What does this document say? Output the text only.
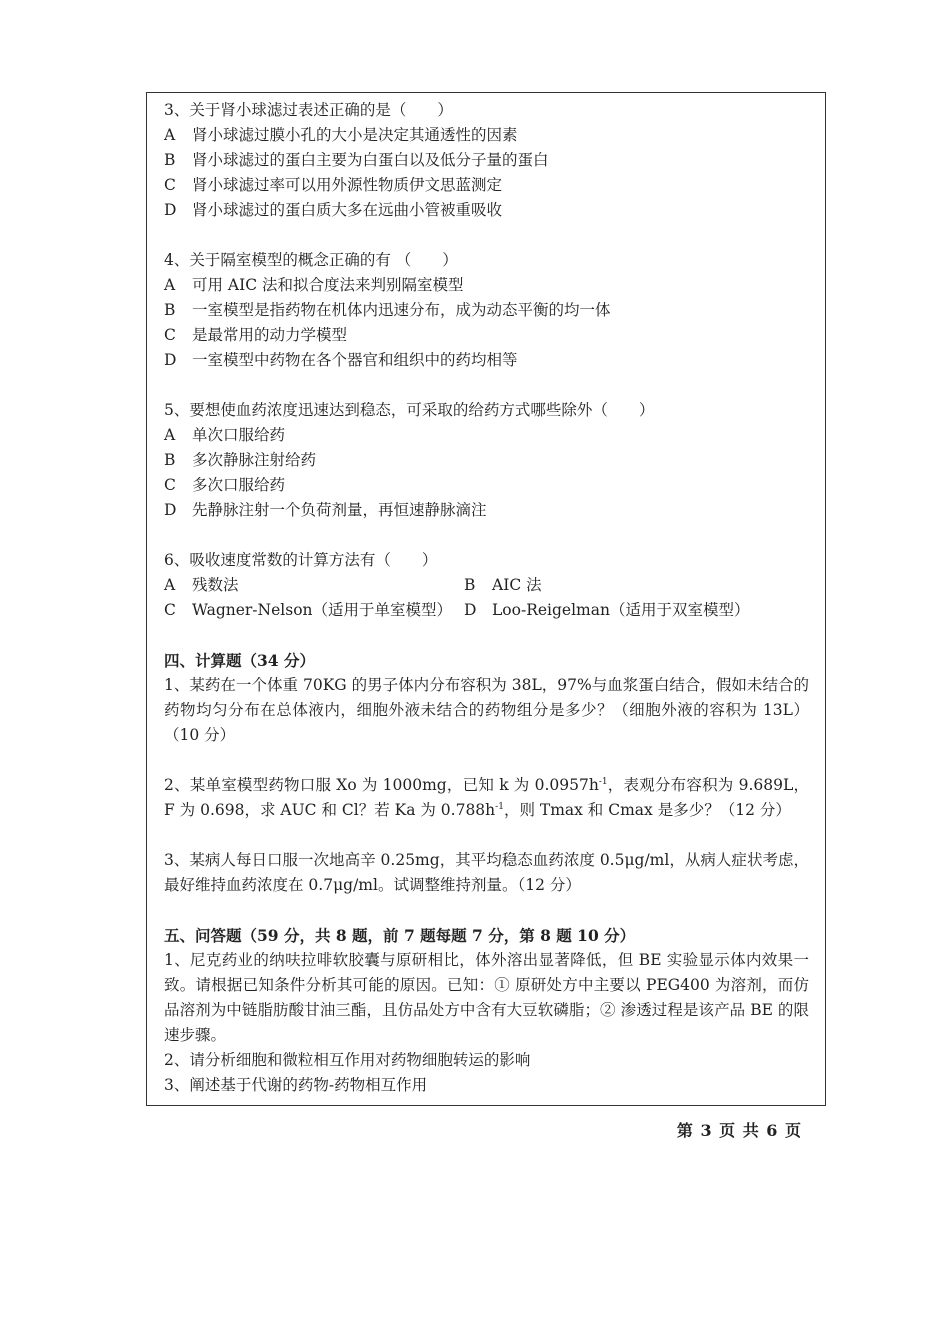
3、关于肾小球滤过表述正确的是（　　）
A	肾小球滤过膜小孔的大小是决定其通透性的因素
B	肾小球滤过的蛋白主要为白蛋白以及低分子量的蛋白
C	肾小球滤过率可以用外源性物质伊文思蓝测定
D	肾小球滤过的蛋白质大多在远曲小管被重吸收
4、关于隔室模型的概念正确的有 （　　）
A	可用 AIC 法和拟合度法来判别隔室模型
B	一室模型是指药物在机体内迅速分布，成为动态平衡的均一体
C	是最常用的动力学模型
D	一室模型中药物在各个器官和组织中的药均相等
5、要想使血药浓度迅速达到稳态，可采取的给药方式哪些除外（　　）
A	单次口服给药
B	多次静脉注射给药
C	多次口服给药
D	先静脉注射一个负荷剂量，再恒速静脉滴注
6、吸收速度常数的计算方法有（　　）
A	残数法	B	AIC 法
C	Wagner-Nelson（适用于单室模型） D	Loo-Reigelman（适用于双室模型）
四、计算题（34 分）
1、某药在一个体重 70KG 的男子体内分布容积为 38L，97%与血浆蛋白结合，假如未结合的药物均匀分布在总体液内，细胞外液未结合的药物组分是多少？（细胞外液的容积为 13L）（10 分）
2、某单室模型药物口服 Xo 为 1000mg，已知 k 为 $0.0957h^{-1}$，表观分布容积为 9.689L，F 为 0.698，求 AUC 和 Cl？若 Ka 为 $0.788h^{-1}$，则 Tmax 和 Cmax 是多少？（12 分）
3、某病人每日口服一次地高辛 0.25mg，其平均稳态血药浓度 0.5μg/ml，从病人症状考虑，最好维持血药浓度在 0.7μg/ml。试调整维持剂量。（12 分）
五、问答题（59 分，共 8 题，前 7 题每题 7 分，第 8 题 10 分）
1、尼克药业的纳呋拉啡软胶囊与原研相比，体外溶出显著降低，但 BE 实验显示体内效果一致。请根据已知条件分析其可能的原因。已知：① 原研处方中主要以 PEG400 为溶剂，而仿品溶剂为中链脂肪酸甘油三酯，且仿品处方中含有大豆软磷脂；② 渗透过程是该产品 BE 的限速步骤。
2、请分析细胞和微粒相互作用对药物细胞转运的影响
3、阐述基于代谢的药物-药物相互作用
第 3 页 共 6 页
